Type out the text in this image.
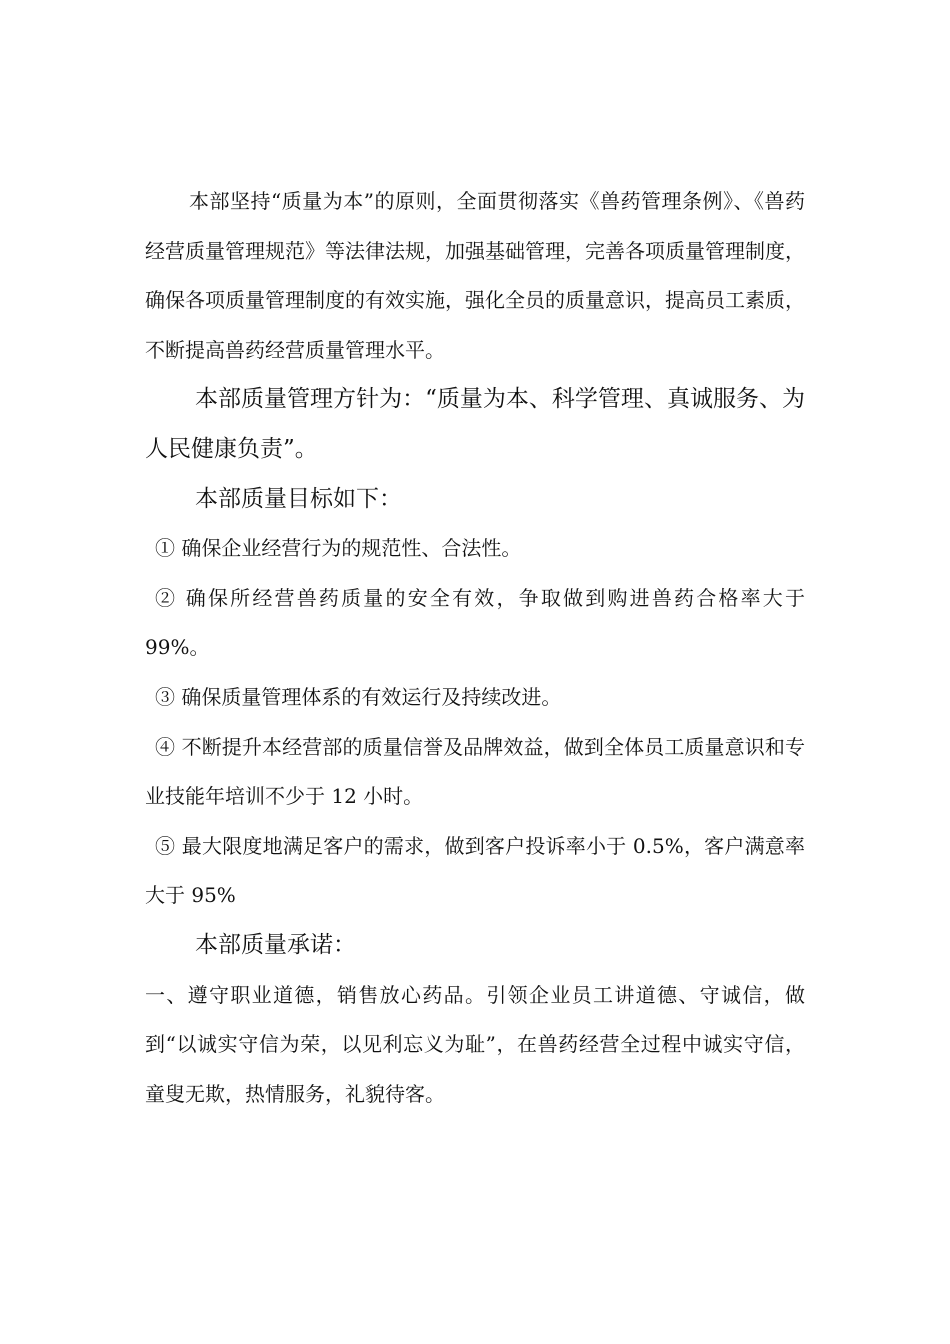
本部坚持“质量为本”的原则，全面贯彻落实《兽药管理条例》、《兽药经营质量管理规范》等法律法规，加强基础管理，完善各项质量管理制度，确保各项质量管理制度的有效实施，强化全员的质量意识，提高员工素质，不断提高兽药经营质量管理水平。

本部质量管理方针为：“质量为本、科学管理、真诚服务、为人民健康负责”。

本部质量目标如下：

① 确保企业经营行为的规范性、合法性。

② 确保所经营兽药质量的安全有效，争取做到购进兽药合格率大于 99%。

③ 确保质量管理体系的有效运行及持续改进。

④ 不断提升本经营部的质量信誉及品牌效益，做到全体员工质量意识和专业技能年培训不少于 12 小时。

⑤ 最大限度地满足客户的需求，做到客户投诉率小于 0.5%，客户满意率大于 95%

本部质量承诺：

一、遵守职业道德，销售放心药品。引领企业员工讲道德、守诚信，做到“以诚实守信为荣，以见利忘义为耻”，在兽药经营全过程中诚实守信，童叟无欺，热情服务，礼貌待客。
